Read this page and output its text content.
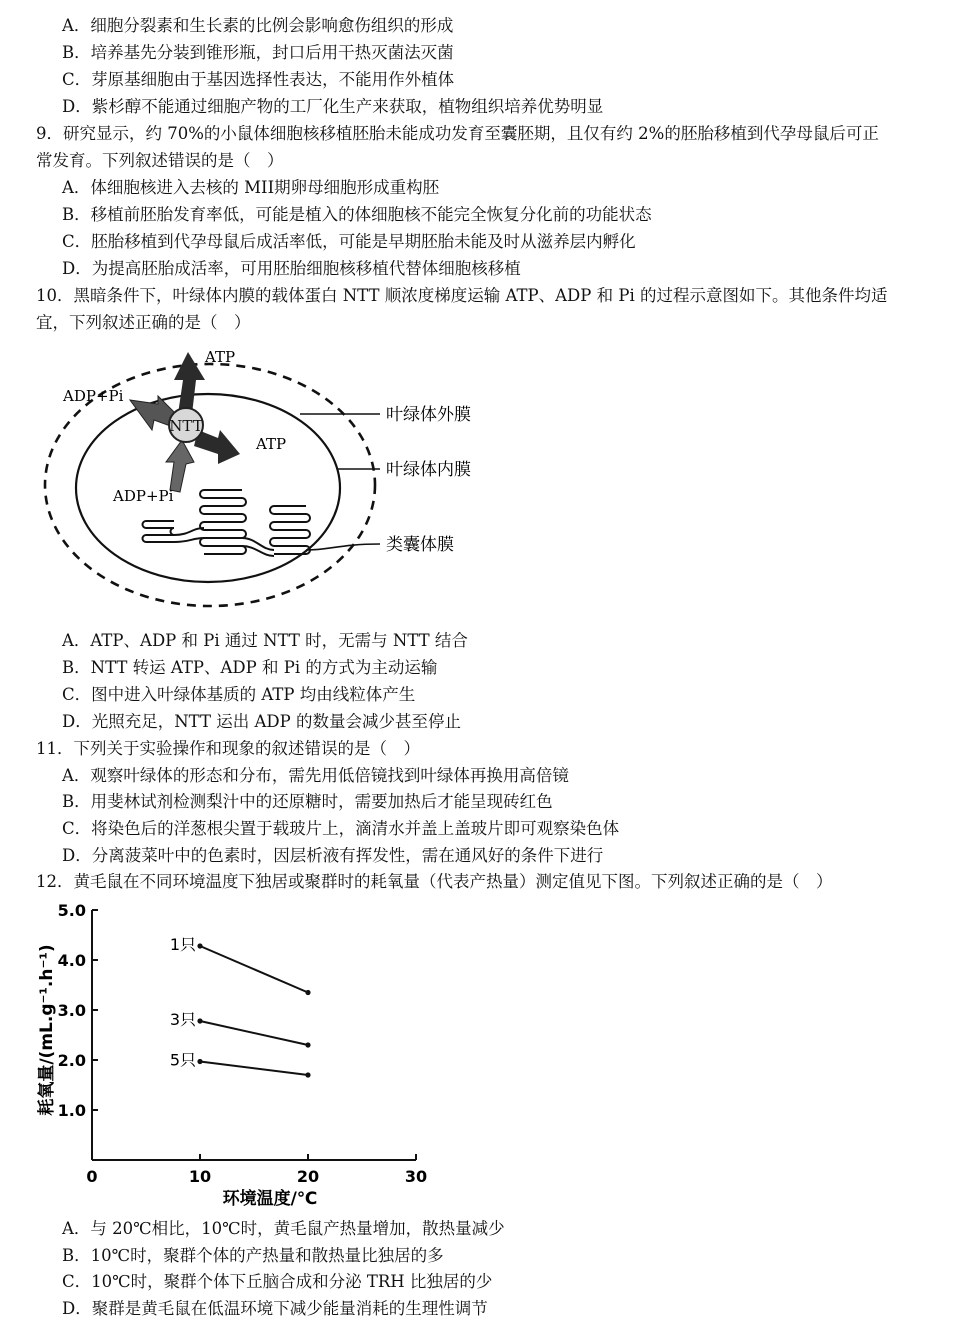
A．细胞分裂素和生长素的比例会影响愈伤组织的形成
B．培养基先分装到锥形瓶，封口后用干热灭菌法灭菌
C．芽原基细胞由于基因选择性表达，不能用作外植体
D．紫杉醇不能通过细胞产物的工厂化生产来获取，植物组织培养优势明显
9．研究显示，约 70%的小鼠体细胞核移植胚胎未能成功发育至囊胚期，且仅有约 2%的胚胎移植到代孕母鼠后可正
常发育。下列叙述错误的是（　）
A．体细胞核进入去核的 MII期卵母细胞形成重构胚
B．移植前胚胎发育率低，可能是植入的体细胞核不能完全恢复分化前的功能状态
C．胚胎移植到代孕母鼠后成活率低，可能是早期胚胎未能及时从滋养层内孵化
D．为提高胚胎成活率，可用胚胎细胞核移植代替体细胞核移植
10．黑暗条件下，叶绿体内膜的载体蛋白 NTT 顺浓度梯度运输 ATP、ADP 和 Pi 的过程示意图如下。其他条件均适
宜，下列叙述正确的是（　）
NTT
ATP
ADP+Pi
ATP
ADP+Pi
叶绿体外膜
叶绿体内膜
类囊体膜
A．ATP、ADP 和 Pi 通过 NTT 时，无需与 NTT 结合
B．NTT 转运 ATP、ADP 和 Pi 的方式为主动运输
C．图中进入叶绿体基质的 ATP 均由线粒体产生
D．光照充足，NTT 运出 ADP 的数量会减少甚至停止
11．下列关于实验操作和现象的叙述错误的是（　）
A．观察叶绿体的形态和分布，需先用低倍镜找到叶绿体再换用高倍镜
B．用斐林试剂检测梨汁中的还原糖时，需要加热后才能呈现砖红色
C．将染色后的洋葱根尖置于载玻片上，滴清水并盖上盖玻片即可观察染色体
D．分离菠菜叶中的色素时，因层析液有挥发性，需在通风好的条件下进行
12．黄毛鼠在不同环境温度下独居或聚群时的耗氧量（代表产热量）测定值见下图。下列叙述正确的是（　）
1.0
2.0
3.0
4.0
5.0
0	10	20	30
1只
3只
5只
环境温度/℃
耗氧量/(mL.g⁻¹.h⁻¹)
A．与 20℃相比，10℃时，黄毛鼠产热量增加，散热量减少
B．10℃时，聚群个体的产热量和散热量比独居的多
C．10℃时，聚群个体下丘脑合成和分泌 TRH 比独居的少
D．聚群是黄毛鼠在低温环境下减少能量消耗的生理性调节
